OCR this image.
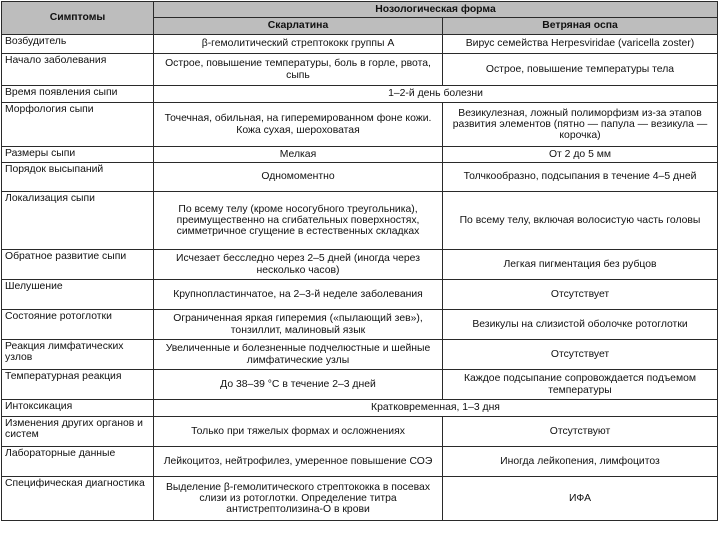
Симптомы	Нозологическая форма	
	Скарлатина	Ветряная оспа
Возбудитель	β-гемолитический стрептококк группы А	Вирус семейства Herpesviridae (varicella zoster)
Начало заболевания	Острое, повышение температуры, боль в горле, рвота, сыпь	Острое, повышение температуры тела
Время появления сыпи	1–2-й день болезни	
Морфология сыпи	Точечная, обильная, на гиперемированном фоне кожи. Кожа сухая, шероховатая	Везикулезная, ложный полиморфизм из-за этапов развития элементов (пятно — папула — везикула — корочка)
Размеры сыпи	Мелкая	От 2 до 5 мм
Порядок высыпаний	Одномоментно	Толчкообразно, подсыпания в течение 4–5 дней
Локализация сыпи	По всему телу (кроме носогубного треугольника), преимущественно на сгибательных поверхностях, симметричное сгущение в естественных складках	По всему телу, включая волосистую часть головы
Обратное развитие сыпи	Исчезает бесследно через 2–5 дней (иногда через несколько часов)	Легкая пигментация без рубцов
Шелушение	Крупнопластинчатое, на 2–3-й неделе заболевания	Отсутствует
Состояние ротоглотки	Ограниченная яркая гиперемия («пылающий зев»), тонзиллит, малиновый язык	Везикулы на слизистой оболочке ротоглотки
Реакция лимфатических узлов	Увеличенные и болезненные подчелюстные и шейные лимфатические узлы	Отсутствует
Температурная реакция	До 38–39 °С в течение 2–3 дней	Каждое подсыпание сопровождается подъемом температуры
Интоксикация	Кратковременная, 1–3 дня	
Изменения других органов и систем	Только при тяжелых формах и осложнениях	Отсутствуют
Лабораторные данные	Лейкоцитоз, нейтрофилез, умеренное повышение СОЭ	Иногда лейкопения, лимфоцитоз
Специфическая диагностика	Выделение β-гемолитического стрептококка в посевах слизи из ротоглотки. Определение титра антистрептолизина-О в крови	ИФА
